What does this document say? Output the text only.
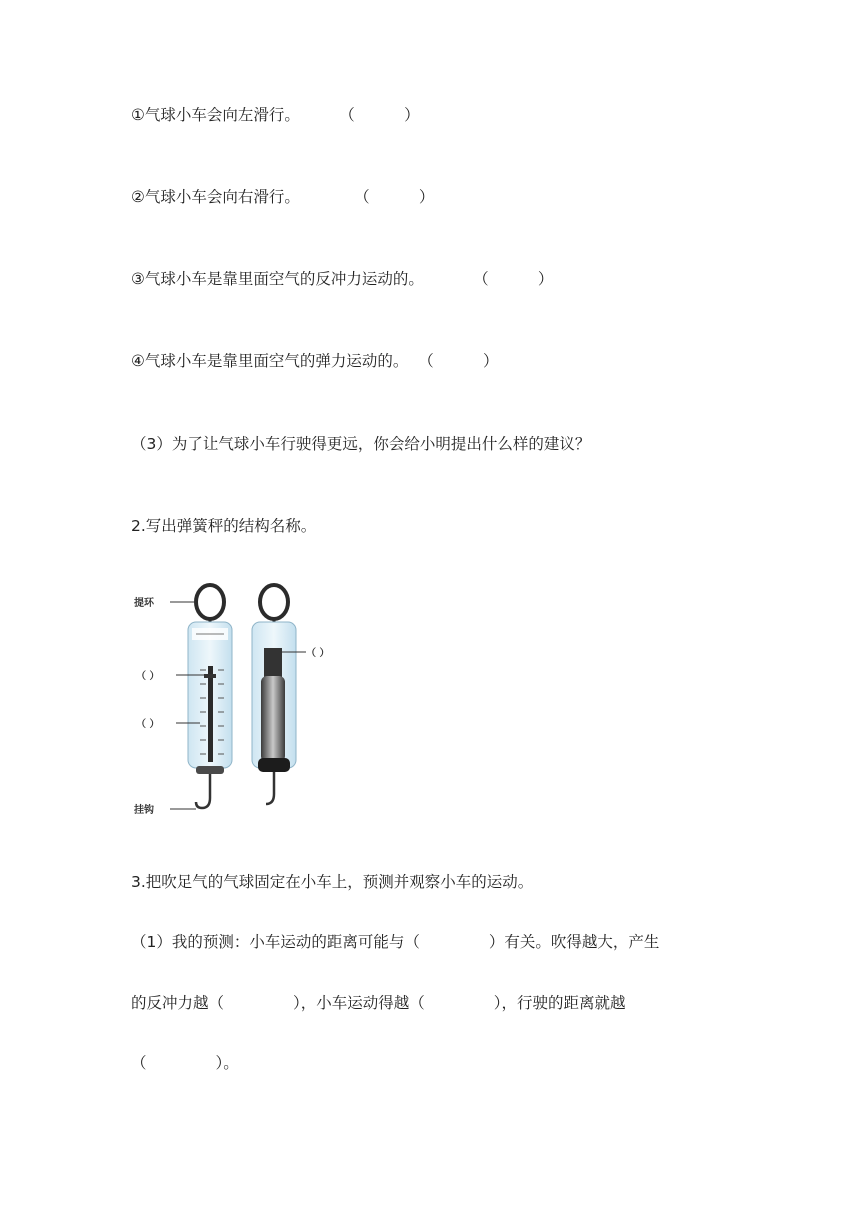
①气球小车会向左滑行。        （          ）
②气球小车会向右滑行。           （          ）
③气球小车是靠里面空气的反冲力运动的。          （          ）
④气球小车是靠里面空气的弹力运动的。  （          ）
（3）为了让气球小车行驶得更远，你会给小明提出什么样的建议？
2.写出弹簧秤的结构名称。
提环
（ ）
（ ）
挂钩
（ ）
3.把吹足气的气球固定在小车上，预测并观察小车的运动。
（1）我的预测：小车运动的距离可能与（              ）有关。吹得越大，产生
的反冲力越（              ），小车运动得越（              ），行驶的距离就越
（              ）。
